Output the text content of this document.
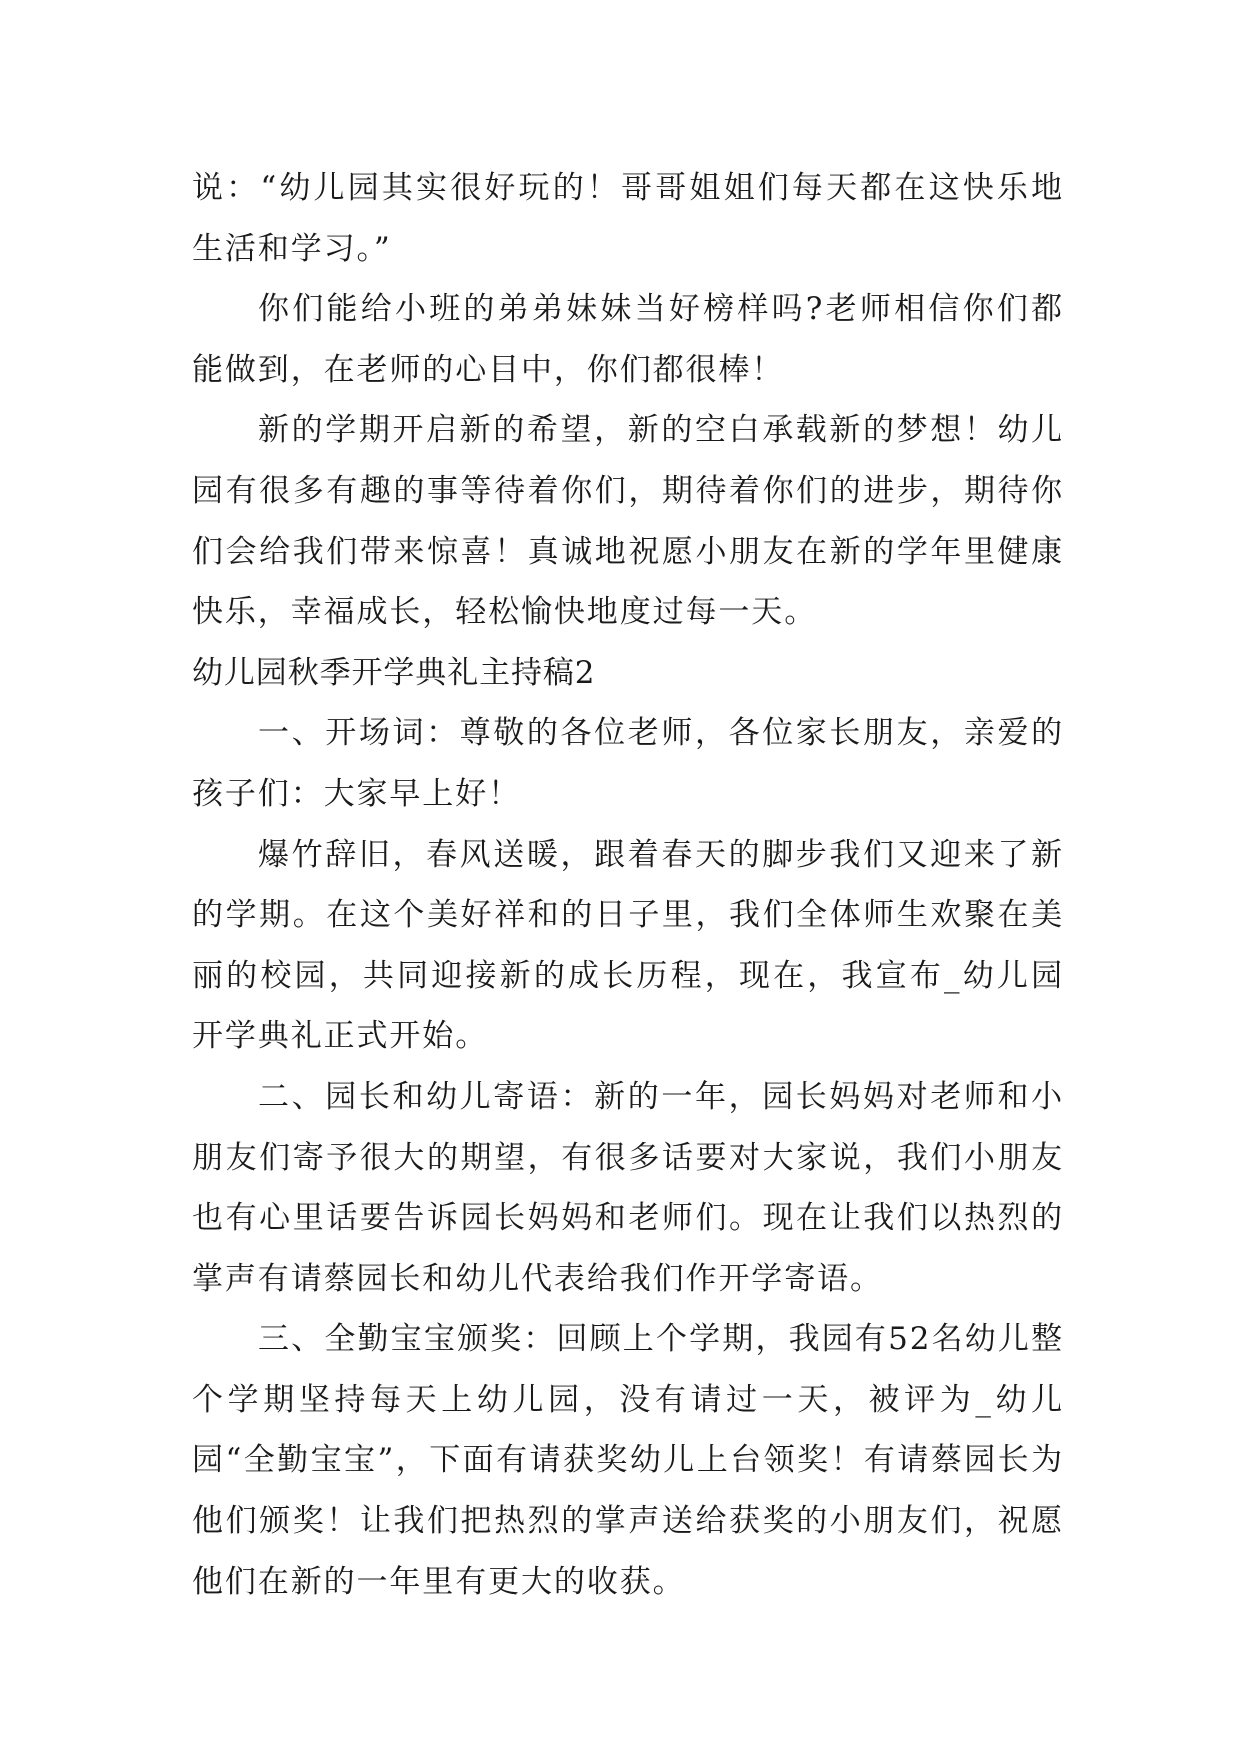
说：“幼儿园其实很好玩的！哥哥姐姐们每天都在这快乐地生活和学习。”

你们能给小班的弟弟妹妹当好榜样吗?老师相信你们都能做到，在老师的心目中，你们都很棒！

新的学期开启新的希望，新的空白承载新的梦想！幼儿园有很多有趣的事等待着你们，期待着你们的进步，期待你们会给我们带来惊喜！真诚地祝愿小朋友在新的学年里健康快乐，幸福成长，轻松愉快地度过每一天。

幼儿园秋季开学典礼主持稿2

一、开场词：尊敬的各位老师，各位家长朋友，亲爱的孩子们：大家早上好！

爆竹辞旧，春风送暖，跟着春天的脚步我们又迎来了新的学期。在这个美好祥和的日子里，我们全体师生欢聚在美丽的校园，共同迎接新的成长历程，现在，我宣布_幼儿园开学典礼正式开始。

二、园长和幼儿寄语：新的一年，园长妈妈对老师和小朋友们寄予很大的期望，有很多话要对大家说，我们小朋友也有心里话要告诉园长妈妈和老师们。现在让我们以热烈的掌声有请蔡园长和幼儿代表给我们作开学寄语。

三、全勤宝宝颁奖：回顾上个学期，我园有52名幼儿整个学期坚持每天上幼儿园，没有请过一天，被评为_幼儿园“全勤宝宝”，下面有请获奖幼儿上台领奖！有请蔡园长为他们颁奖！让我们把热烈的掌声送给获奖的小朋友们，祝愿他们在新的一年里有更大的收获。
